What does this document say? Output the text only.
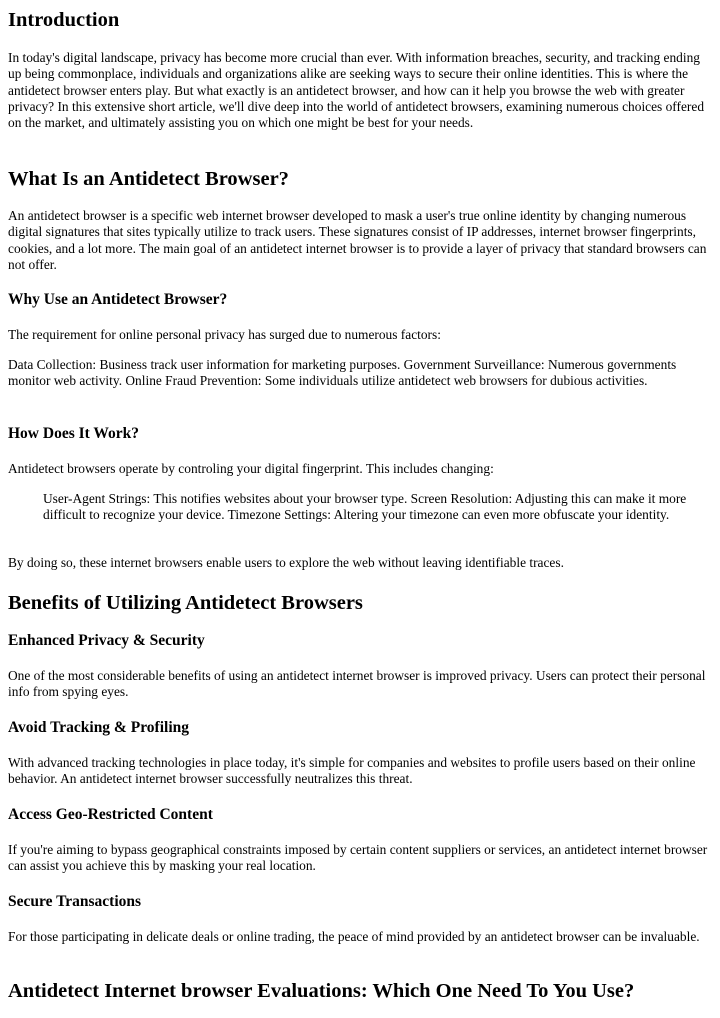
Introduction

In today's digital landscape, privacy has become more crucial than ever. With information breaches, security, and tracking ending up being commonplace, individuals and organizations alike are seeking ways to secure their online identities. This is where the antidetect browser enters play. But what exactly is an antidetect browser, and how can it help you browse the web with greater privacy? In this extensive short article, we'll dive deep into the world of antidetect browsers, examining numerous choices offered on the market, and ultimately assisting you on which one might be best for your needs.

What Is an Antidetect Browser?

An antidetect browser is a specific web internet browser developed to mask a user's true online identity by changing numerous digital signatures that sites typically utilize to track users. These signatures consist of IP addresses, internet browser fingerprints, cookies, and a lot more. The main goal of an antidetect internet browser is to provide a layer of privacy that standard browsers can not offer.

Why Use an Antidetect Browser?

The requirement for online personal privacy has surged due to numerous factors:

Data Collection: Business track user information for marketing purposes. Government Surveillance: Numerous governments monitor web activity. Online Fraud Prevention: Some individuals utilize antidetect web browsers for dubious activities.

How Does It Work?

Antidetect browsers operate by controling your digital fingerprint. This includes changing:

User-Agent Strings: This notifies websites about your browser type. Screen Resolution: Adjusting this can make it more difficult to recognize your device. Timezone Settings: Altering your timezone can even more obfuscate your identity.

By doing so, these internet browsers enable users to explore the web without leaving identifiable traces.

Benefits of Utilizing Antidetect Browsers
Enhanced Privacy & Security

One of the most considerable benefits of using an antidetect internet browser is improved privacy. Users can protect their personal info from spying eyes.

Avoid Tracking & Profiling

With advanced tracking technologies in place today, it's simple for companies and websites to profile users based on their online behavior. An antidetect internet browser successfully neutralizes this threat.

Access Geo-Restricted Content

If you're aiming to bypass geographical constraints imposed by certain content suppliers or services, an antidetect internet browser can assist you achieve this by masking your real location.

Secure Transactions

For those participating in delicate deals or online trading, the peace of mind provided by an antidetect browser can be invaluable.

Antidetect Internet browser Evaluations: Which One Need To You Use?
